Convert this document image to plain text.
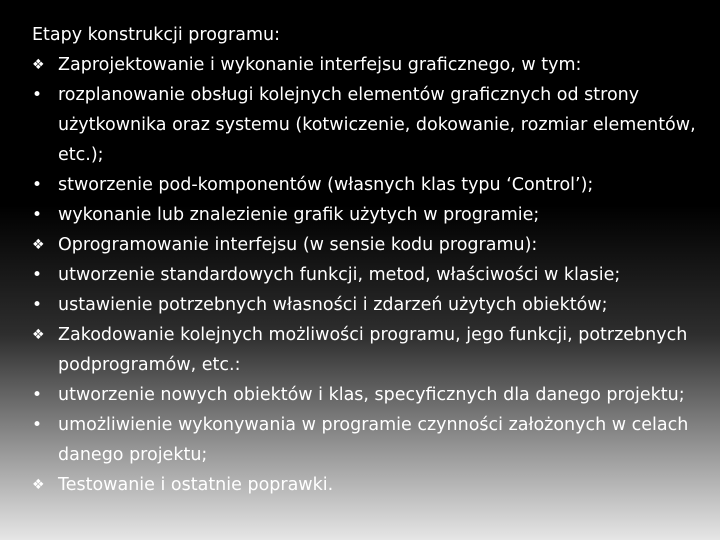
Etapy konstrukcji programu:
❖ Zaprojektowanie i wykonanie interfejsu graficznego, w tym:
• rozplanowanie obsługi kolejnych elementów graficznych od strony użytkownika oraz systemu (kotwiczenie, dokowanie, rozmiar elementów, etc.);
• stworzenie pod-komponentów (własnych klas typu ‘Control’);
• wykonanie lub znalezienie grafik użytych w programie;
❖ Oprogramowanie interfejsu (w sensie kodu programu):
• utworzenie standardowych funkcji, metod, właściwości w klasie;
• ustawienie potrzebnych własności i zdarzeń użytych obiektów;
❖ Zakodowanie kolejnych możliwości programu, jego funkcji, potrzebnych podprogramów, etc.:
• utworzenie nowych obiektów i klas, specyficznych dla danego projektu;
• umożliwienie wykonywania w programie czynności założonych w celach danego projektu;
❖ Testowanie i ostatnie poprawki.
